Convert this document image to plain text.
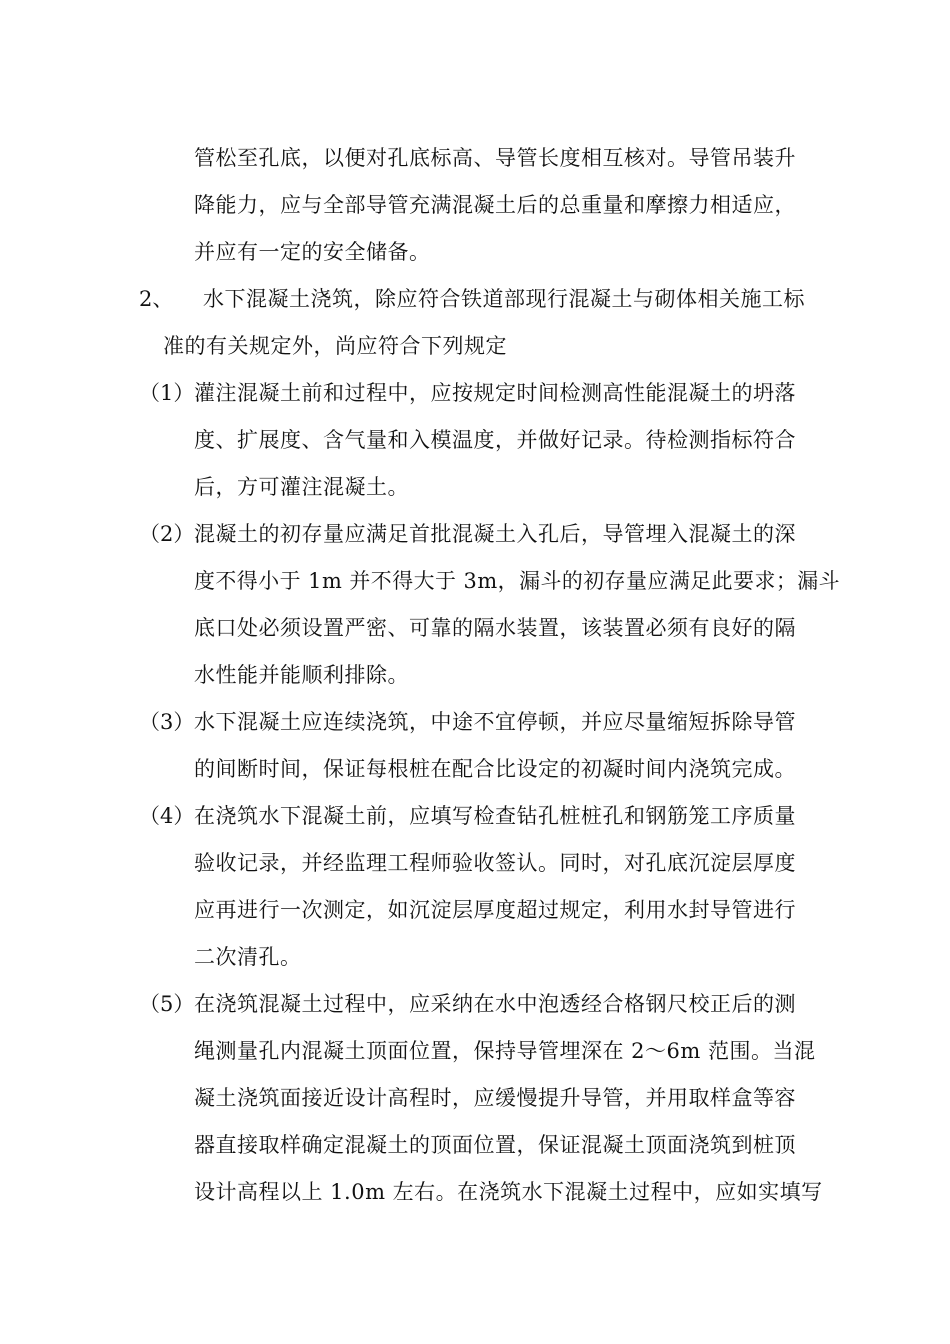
管松至孔底，以便对孔底标高、导管长度相互核对。导管吊装升
降能力，应与全部导管充满混凝土后的总重量和摩擦力相适应，
并应有一定的安全储备。
2、 水下混凝土浇筑，除应符合铁道部现行混凝土与砌体相关施工标
准的有关规定外，尚应符合下列规定
（1） 灌注混凝土前和过程中，应按规定时间检测高性能混凝土的坍落
度、扩展度、含气量和入模温度，并做好记录。待检测指标符合
后，方可灌注混凝土。
（2） 混凝土的初存量应满足首批混凝土入孔后，导管埋入混凝土的深
度不得小于 1m 并不得大于 3m，漏斗的初存量应满足此要求；漏斗
底口处必须设置严密、可靠的隔水装置，该装置必须有良好的隔
水性能并能顺利排除。
（3） 水下混凝土应连续浇筑，中途不宜停顿，并应尽量缩短拆除导管
的间断时间，保证每根桩在配合比设定的初凝时间内浇筑完成。
（4） 在浇筑水下混凝土前，应填写检查钻孔桩桩孔和钢筋笼工序质量
验收记录，并经监理工程师验收签认。同时，对孔底沉淀层厚度
应再进行一次测定，如沉淀层厚度超过规定，利用水封导管进行
二次清孔。
（5） 在浇筑混凝土过程中，应采纳在水中泡透经合格钢尺校正后的测
绳测量孔内混凝土顶面位置，保持导管埋深在 2～6m 范围。当混
凝土浇筑面接近设计高程时，应缓慢提升导管，并用取样盒等容
器直接取样确定混凝土的顶面位置，保证混凝土顶面浇筑到桩顶
设计高程以上 1.0m 左右。在浇筑水下混凝土过程中，应如实填写
